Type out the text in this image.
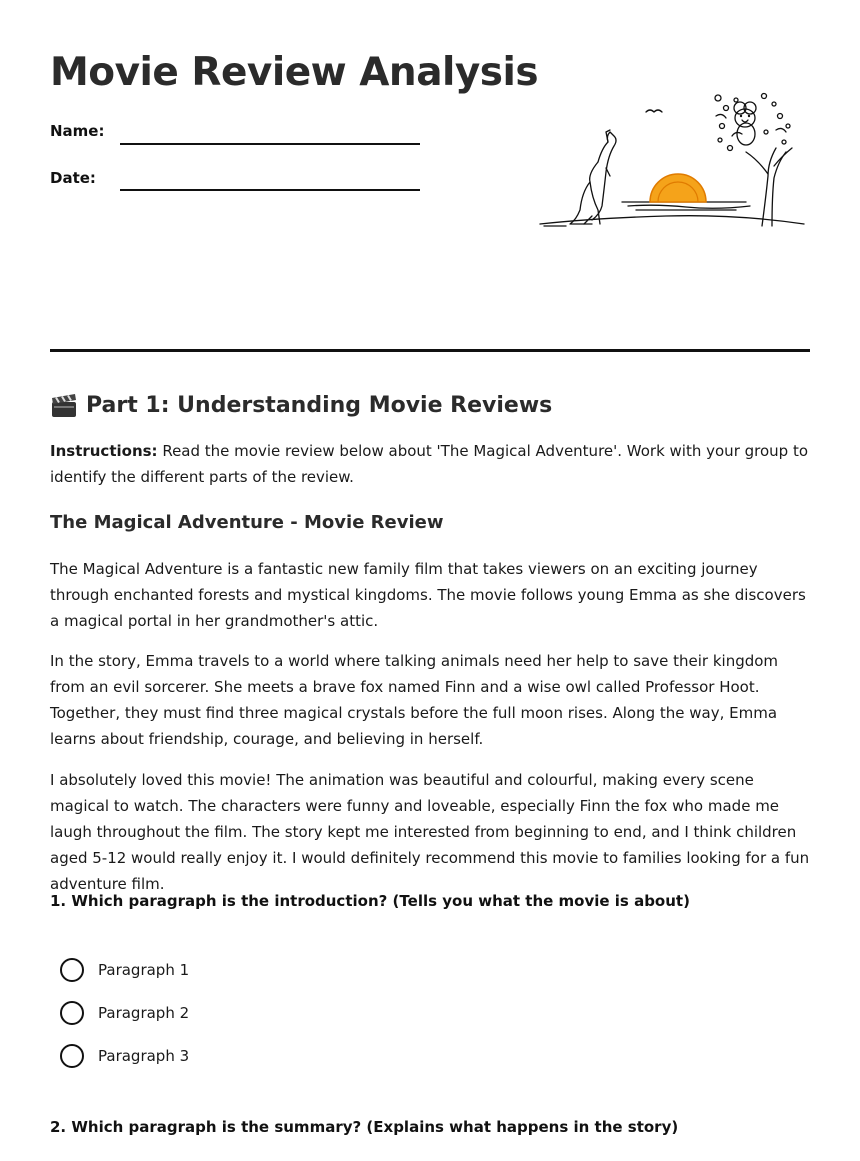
Movie Review Analysis
Name:
Date:
Part 1: Understanding Movie Reviews
Instructions: Read the movie review below about 'The Magical Adventure'. Work with your group to identify the different parts of the review.
The Magical Adventure - Movie Review
The Magical Adventure is a fantastic new family film that takes viewers on an exciting journey through enchanted forests and mystical kingdoms. The movie follows young Emma as she discovers a magical portal in her grandmother's attic.
In the story, Emma travels to a world where talking animals need her help to save their kingdom from an evil sorcerer. She meets a brave fox named Finn and a wise owl called Professor Hoot. Together, they must find three magical crystals before the full moon rises. Along the way, Emma learns about friendship, courage, and believing in herself.
I absolutely loved this movie! The animation was beautiful and colourful, making every scene magical to watch. The characters were funny and loveable, especially Finn the fox who made me laugh throughout the film. The story kept me interested from beginning to end, and I think children aged 5-12 would really enjoy it. I would definitely recommend this movie to families looking for a fun adventure film.
1. Which paragraph is the introduction? (Tells you what the movie is about)
Paragraph 1
Paragraph 2
Paragraph 3
2. Which paragraph is the summary? (Explains what happens in the story)
